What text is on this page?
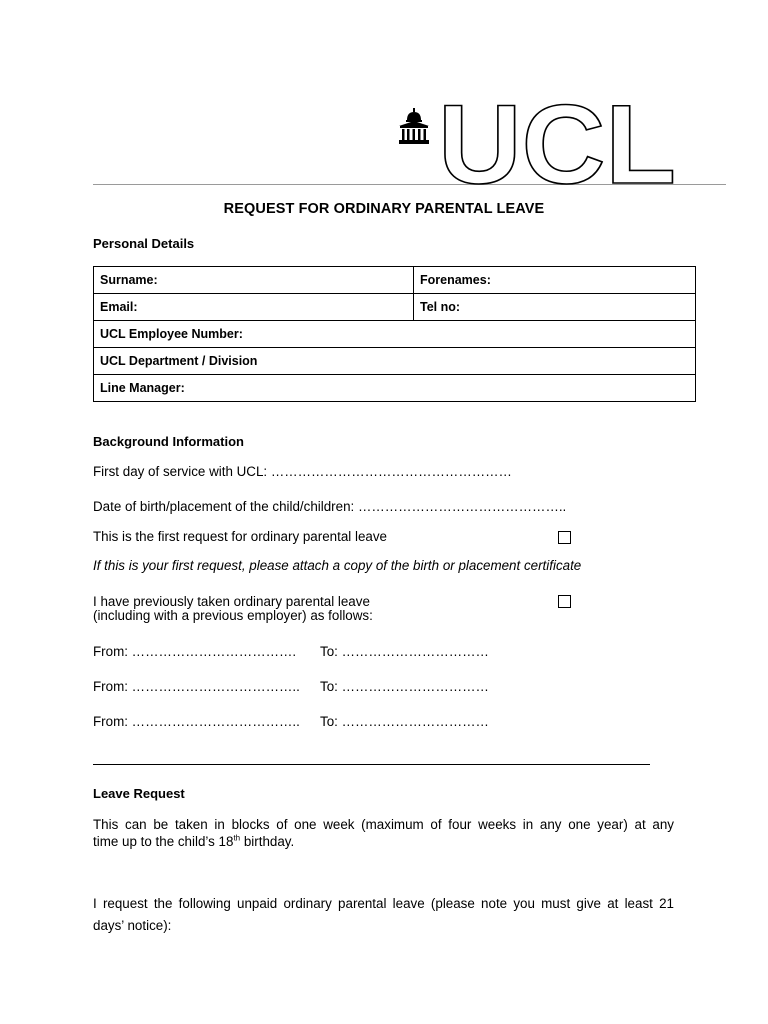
UCL
REQUEST FOR ORDINARY PARENTAL LEAVE
Personal Details
Surname:	Forenames:
Email:	Tel no:
UCL Employee Number:	
UCL Department / Division	
Line Manager:	
Background Information
First day of service with UCL: ………………………………………………
Date of birth/placement of the child/children: ………………………………………..
This is the first request for ordinary parental leave
If this is your first request, please attach a copy of the birth or placement certificate
I have previously taken ordinary parental leave
(including with a previous employer) as follows:
From: ………………………………. To: ……………………………
From: ……………………………….. To: ……………………………
From: ……………………………….. To: ……………………………
Leave Request
This can be taken in blocks of one week (maximum of four weeks in any one year) at any
time up to the child’s 18th birthday.
I request the following unpaid ordinary parental leave (please note you must give at least 21
days’ notice):
